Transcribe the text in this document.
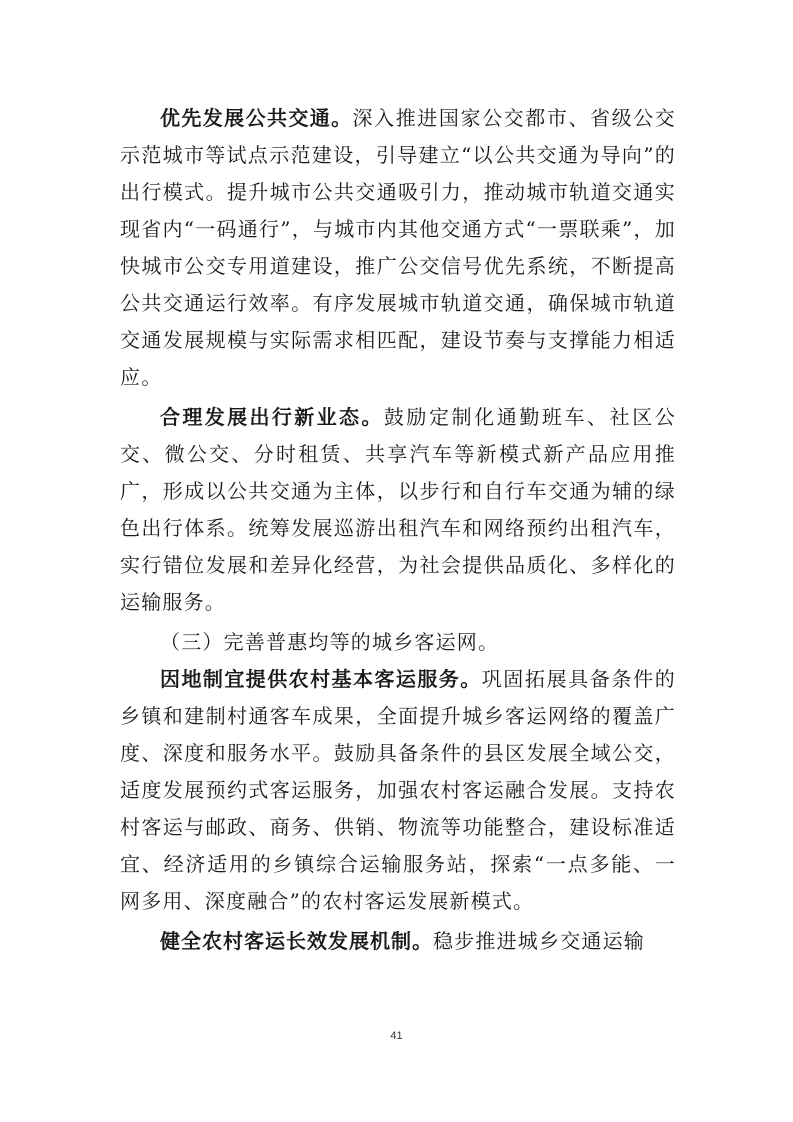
优先发展公共交通。深入推进国家公交都市、省级公交示范城市等试点示范建设，引导建立“以公共交通为导向”的出行模式。提升城市公共交通吸引力，推动城市轨道交通实现省内“一码通行”，与城市内其他交通方式“一票联乘”，加快城市公交专用道建设，推广公交信号优先系统，不断提高公共交通运行效率。有序发展城市轨道交通，确保城市轨道交通发展规模与实际需求相匹配，建设节奏与支撑能力相适应。

合理发展出行新业态。鼓励定制化通勤班车、社区公交、微公交、分时租赁、共享汽车等新模式新产品应用推广，形成以公共交通为主体，以步行和自行车交通为辅的绿色出行体系。统筹发展巡游出租汽车和网络预约出租汽车，实行错位发展和差异化经营，为社会提供品质化、多样化的运输服务。

（三）完善普惠均等的城乡客运网。

因地制宜提供农村基本客运服务。巩固拓展具备条件的乡镇和建制村通客车成果，全面提升城乡客运网络的覆盖广度、深度和服务水平。鼓励具备条件的县区发展全域公交，适度发展预约式客运服务，加强农村客运融合发展。支持农村客运与邮政、商务、供销、物流等功能整合，建设标准适宜、经济适用的乡镇综合运输服务站，探索“一点多能、一网多用、深度融合”的农村客运发展新模式。

健全农村客运长效发展机制。稳步推进城乡交通运输

41
